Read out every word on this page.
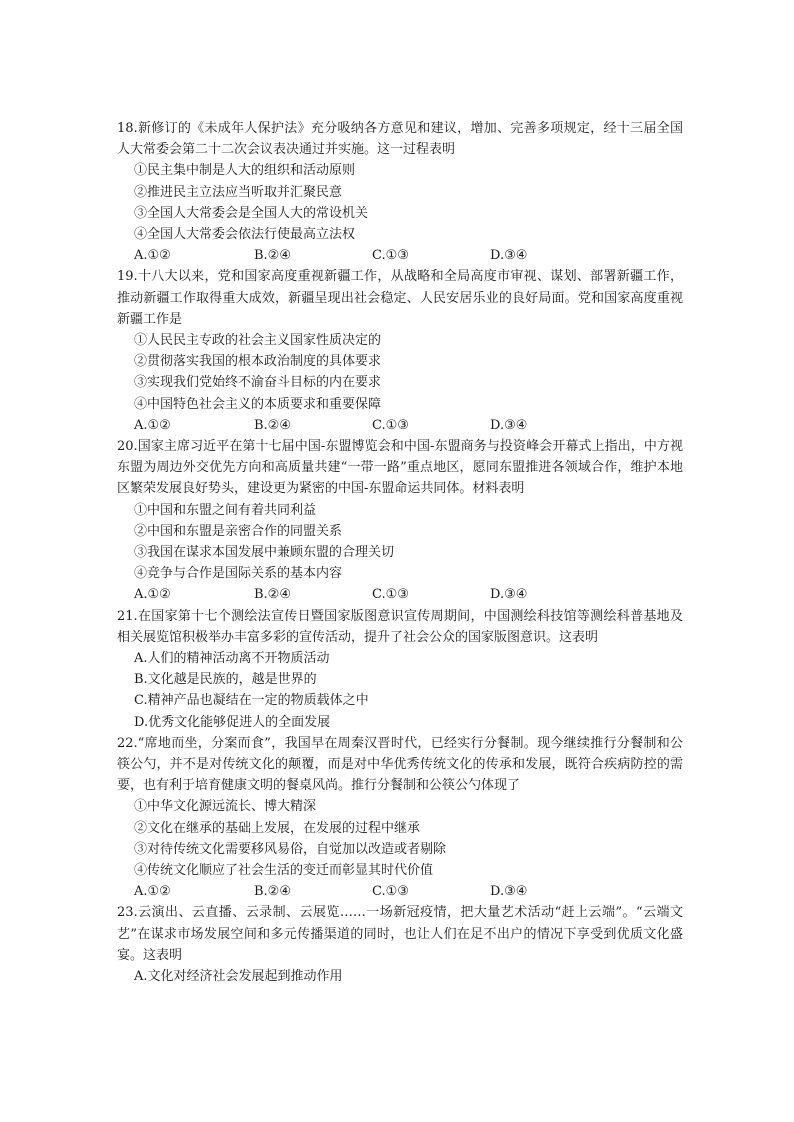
18.新修订的《未成年人保护法》充分吸纳各方意见和建议，增加、完善多项规定，经十三届全国人大常委会第二十二次会议表决通过并实施。这一过程表明

①民主集中制是人大的组织和活动原则

②推进民主立法应当听取并汇聚民意

③全国人大常委会是全国人大的常设机关

④全国人大常委会依法行使最高立法权

A.①②	B.②④	C.①③	D.③④

19.十八大以来，党和国家高度重视新疆工作，从战略和全局高度市审视、谋划、部署新疆工作，推动新疆工作取得重大成效，新疆呈现出社会稳定、人民安居乐业的良好局面。党和国家高度重视新疆工作是

①人民民主专政的社会主义国家性质决定的

②贯彻落实我国的根本政治制度的具体要求

③实现我们党始终不渝奋斗目标的内在要求

④中国特色社会主义的本质要求和重要保障

A.①②	B.②④	C.①③	D.③④

20.国家主席习近平在第十七届中国-东盟博览会和中国-东盟商务与投资峰会开幕式上指出，中方视东盟为周边外交优先方向和高质量共建“一带一路”重点地区，愿同东盟推进各领域合作，维护本地区繁荣发展良好势头，建设更为紧密的中国-东盟命运共同体。材料表明

①中国和东盟之间有着共同利益

②中国和东盟是亲密合作的同盟关系

③我国在谋求本国发展中兼顾东盟的合理关切

④竞争与合作是国际关系的基本内容

A.①②	B.②④	C.①③	D.③④

21.在国家第十七个测绘法宣传日暨国家版图意识宣传周期间，中国测绘科技馆等测绘科普基地及相关展览馆积极举办丰富多彩的宣传活动，提升了社会公众的国家版图意识。这表明

A.人们的精神活动离不开物质活动

B.文化越是民族的，越是世界的

C.精神产品也凝结在一定的物质载体之中

D.优秀文化能够促进人的全面发展

22.“席地而坐，分案而食”，我国早在周秦汉晋时代，已经实行分餐制。现今继续推行分餐制和公筷公勺，并不是对传统文化的颠覆，而是对中华优秀传统文化的传承和发展，既符合疾病防控的需要，也有利于培育健康文明的餐桌风尚。推行分餐制和公筷公勺体现了

①中华文化源远流长、博大精深

②文化在继承的基础上发展，在发展的过程中继承

③对待传统文化需要移风易俗，自觉加以改造或者剔除

④传统文化顺应了社会生活的变迁而彰显其时代价值

A.①②	B.②④	C.①③	D.③④

23.云演出、云直播、云录制、云展览……一场新冠疫情，把大量艺术活动“赶上云端”。“云端文艺”在谋求市场发展空间和多元传播渠道的同时，也让人们在足不出户的情况下享受到优质文化盛宴。这表明

A.文化对经济社会发展起到推动作用
